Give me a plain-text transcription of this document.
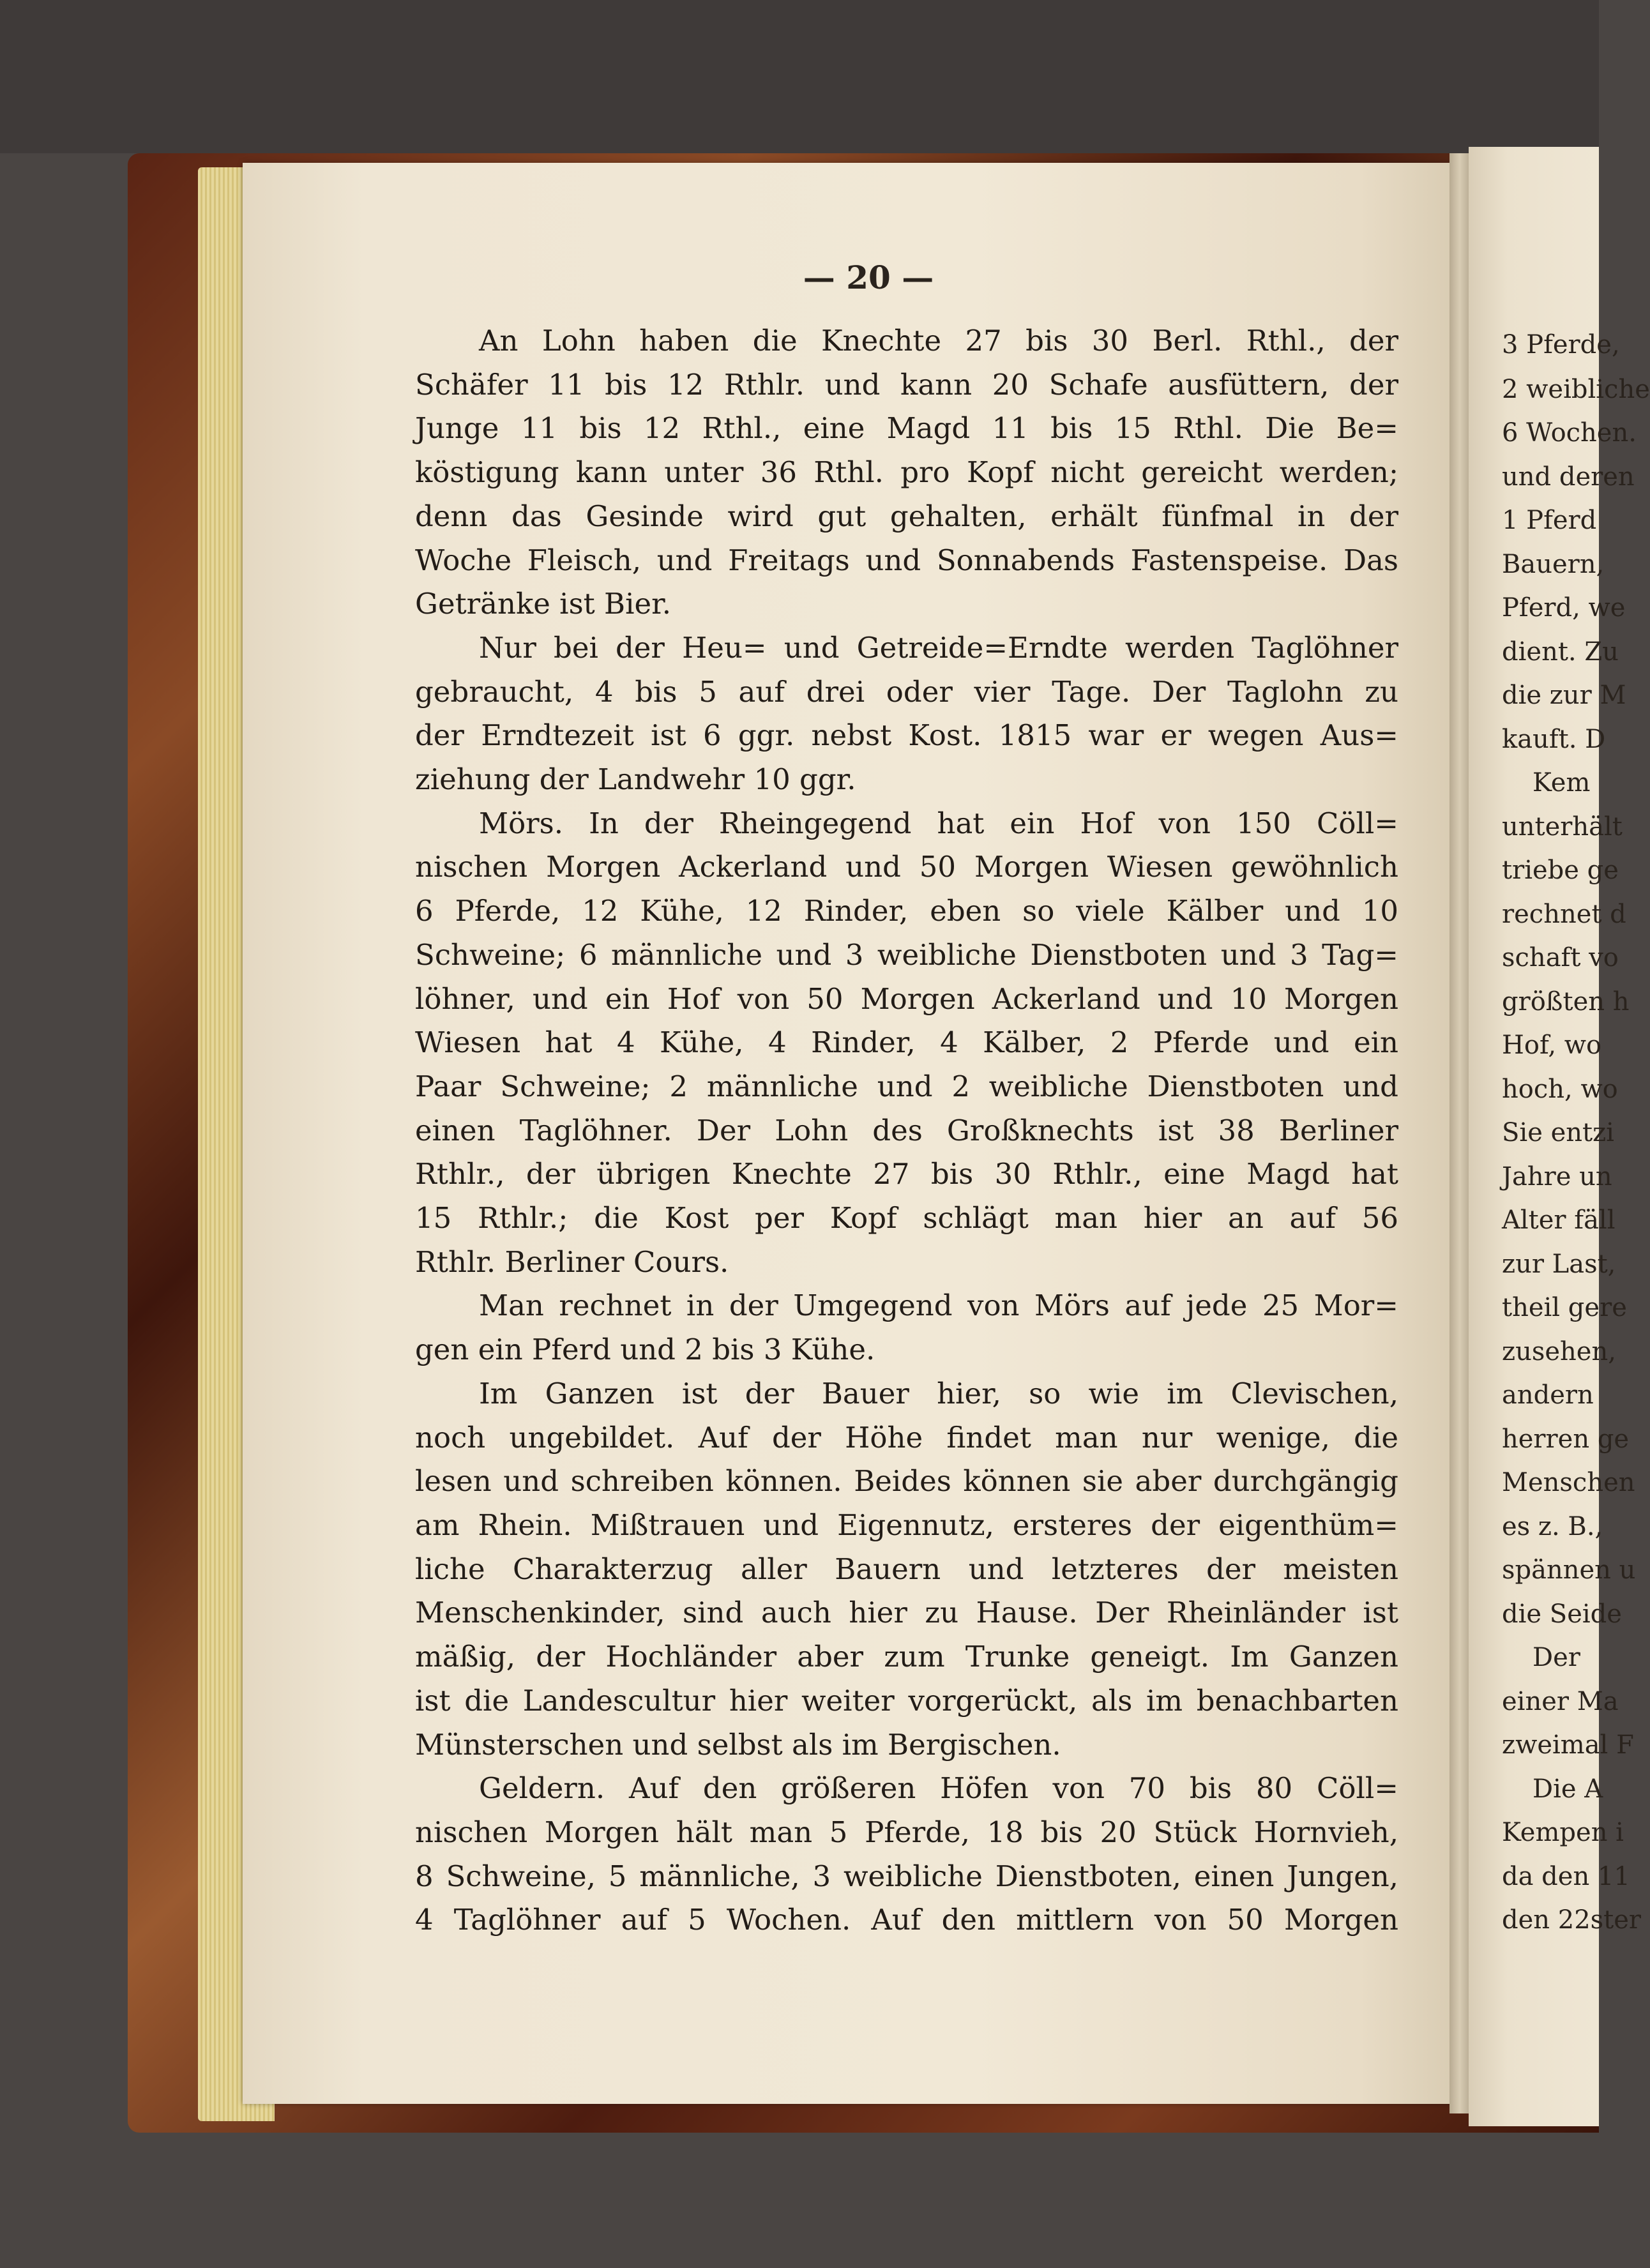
— 20 —

An Lohn haben die Knechte 27 bis 30 Berl. Rthl., der

Schäfer 11 bis 12 Rthlr. und kann 20 Schafe ausfüttern, der

Junge 11 bis 12 Rthl., eine Magd 11 bis 15 Rthl. Die Be=

köstigung kann unter 36 Rthl. pro Kopf nicht gereicht werden;

denn das Gesinde wird gut gehalten, erhält fünfmal in der

Woche Fleisch, und Freitags und Sonnabends Fastenspeise. Das

Getränke ist Bier.

Nur bei der Heu= und Getreide=Erndte werden Taglöhner

gebraucht, 4 bis 5 auf drei oder vier Tage. Der Taglohn zu

der Erndtezeit ist 6 ggr. nebst Kost. 1815 war er wegen Aus=

ziehung der Landwehr 10 ggr.

Mörs. In der Rheingegend hat ein Hof von 150 Cöll=

nischen Morgen Ackerland und 50 Morgen Wiesen gewöhnlich

6 Pferde, 12 Kühe, 12 Rinder, eben so viele Kälber und 10

Schweine; 6 männliche und 3 weibliche Dienstboten und 3 Tag=

löhner, und ein Hof von 50 Morgen Ackerland und 10 Morgen

Wiesen hat 4 Kühe, 4 Rinder, 4 Kälber, 2 Pferde und ein

Paar Schweine; 2 männliche und 2 weibliche Dienstboten und

einen Taglöhner. Der Lohn des Großknechts ist 38 Berliner

Rthlr., der übrigen Knechte 27 bis 30 Rthlr., eine Magd hat

15 Rthlr.; die Kost per Kopf schlägt man hier an auf 56

Rthlr. Berliner Cours.

Man rechnet in der Umgegend von Mörs auf jede 25 Mor=

gen ein Pferd und 2 bis 3 Kühe.

Im Ganzen ist der Bauer hier, so wie im Clevischen,

noch ungebildet. Auf der Höhe findet man nur wenige, die

lesen und schreiben können. Beides können sie aber durchgängig

am Rhein. Mißtrauen und Eigennutz, ersteres der eigenthüm=

liche Charakterzug aller Bauern und letzteres der meisten

Menschenkinder, sind auch hier zu Hause. Der Rheinländer ist

mäßig, der Hochländer aber zum Trunke geneigt. Im Ganzen

ist die Landescultur hier weiter vorgerückt, als im benachbarten

Münsterschen und selbst als im Bergischen.

Geldern. Auf den größeren Höfen von 70 bis 80 Cöll=

nischen Morgen hält man 5 Pferde, 18 bis 20 Stück Hornvieh,

8 Schweine, 5 männliche, 3 weibliche Dienstboten, einen Jungen,

4 Taglöhner auf 5 Wochen. Auf den mittlern von 50 Morgen

3 Pferde,

2 weibliche

6 Wochen.

und deren

1 Pferd

Bauern,

Pferd, we

dient. Zu

die zur M

kauft. D

Kem

unterhält

triebe ge

rechnet d

schaft vo

größten h

Hof, wo

hoch, wo

Sie entzi

Jahre un

Alter fäll

zur Last,

theil gere

zusehen,

andern

herren ge

Menschen

es z. B.,

spännen u

die Seide

Der

einer Ma

zweimal F

Die A

Kempen i

da den 11

den 22ster
